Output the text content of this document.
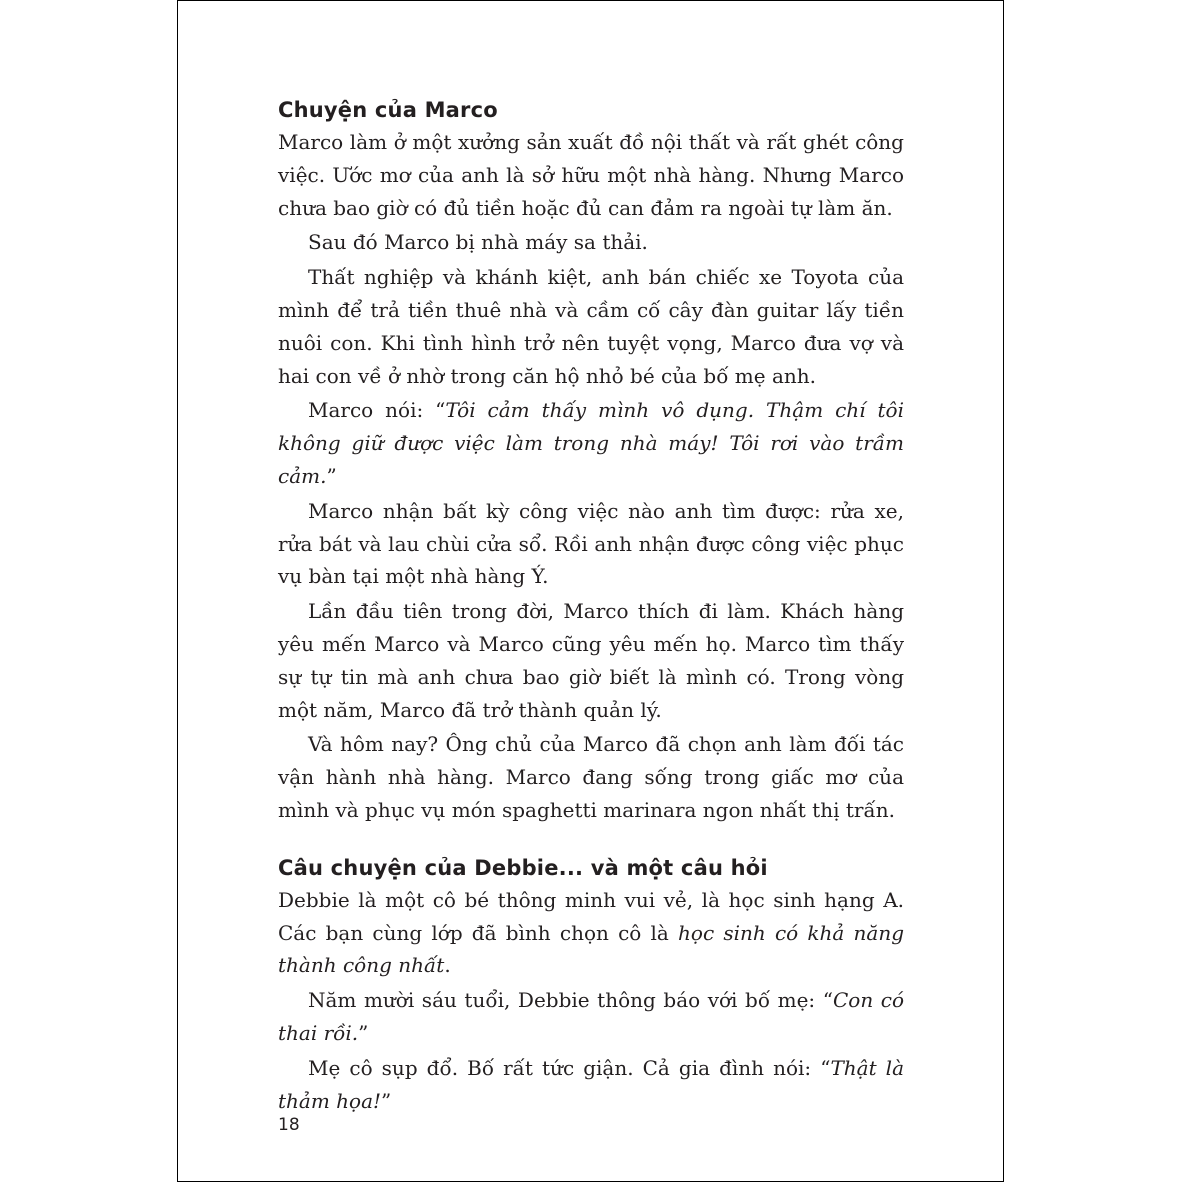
Chuyện của Marco

Marco làm ở một xưởng sản xuất đồ nội thất và rất ghét công việc. Ước mơ của anh là sở hữu một nhà hàng. Nhưng Marco chưa bao giờ có đủ tiền hoặc đủ can đảm ra ngoài tự làm ăn.

Sau đó Marco bị nhà máy sa thải.

Thất nghiệp và khánh kiệt, anh bán chiếc xe Toyota của mình để trả tiền thuê nhà và cầm cố cây đàn guitar lấy tiền nuôi con. Khi tình hình trở nên tuyệt vọng, Marco đưa vợ và hai con về ở nhờ trong căn hộ nhỏ bé của bố mẹ anh.

Marco nói: “Tôi cảm thấy mình vô dụng. Thậm chí tôi không giữ được việc làm trong nhà máy! Tôi rơi vào trầm cảm.”

Marco nhận bất kỳ công việc nào anh tìm được: rửa xe, rửa bát và lau chùi cửa sổ. Rồi anh nhận được công việc phục vụ bàn tại một nhà hàng Ý.

Lần đầu tiên trong đời, Marco thích đi làm. Khách hàng yêu mến Marco và Marco cũng yêu mến họ. Marco tìm thấy sự tự tin mà anh chưa bao giờ biết là mình có. Trong vòng một năm, Marco đã trở thành quản lý.

Và hôm nay? Ông chủ của Marco đã chọn anh làm đối tác vận hành nhà hàng. Marco đang sống trong giấc mơ của mình và phục vụ món spaghetti marinara ngon nhất thị trấn.

Câu chuyện của Debbie... và một câu hỏi

Debbie là một cô bé thông minh vui vẻ, là học sinh hạng A. Các bạn cùng lớp đã bình chọn cô là học sinh có khả năng thành công nhất.

Năm mười sáu tuổi, Debbie thông báo với bố mẹ: “Con có thai rồi.”

Mẹ cô sụp đổ. Bố rất tức giận. Cả gia đình nói: “Thật là thảm họa!”

18
